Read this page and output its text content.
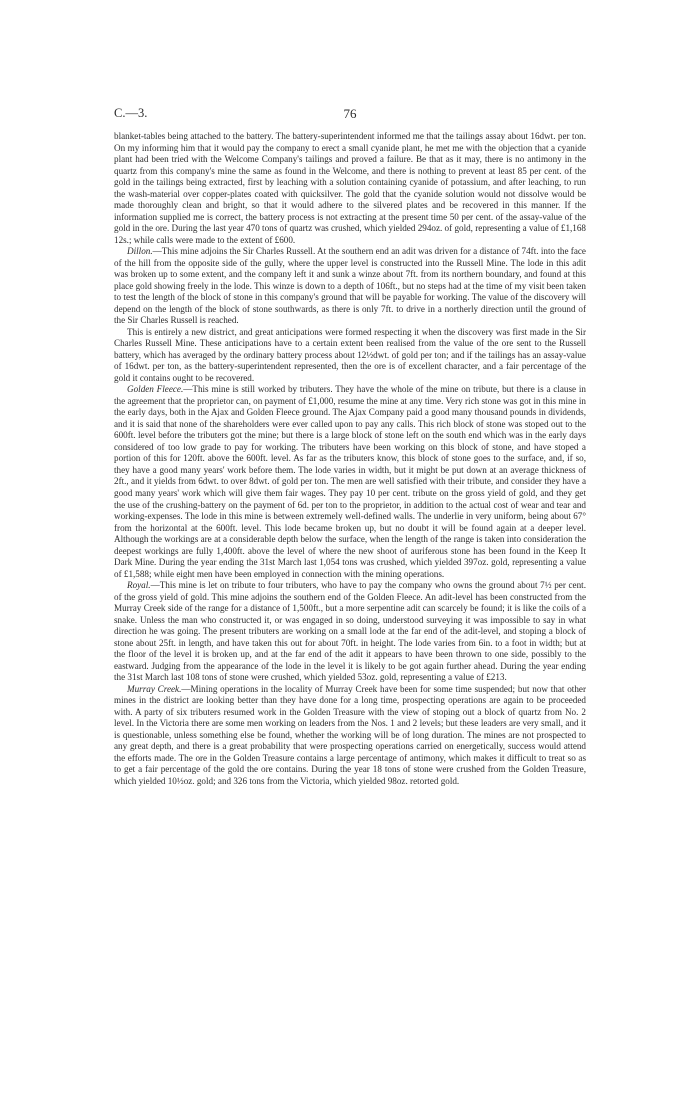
C.—3.	76

blanket-tables being attached to the battery. The battery-superintendent informed me that the tailings assay about 16dwt. per ton. On my informing him that it would pay the company to erect a small cyanide plant, he met me with the objection that a cyanide plant had been tried with the Welcome Company's tailings and proved a failure. Be that as it may, there is no antimony in the quartz from this company's mine the same as found in the Welcome, and there is nothing to prevent at least 85 per cent. of the gold in the tailings being extracted, first by leaching with a solution containing cyanide of potassium, and after leaching, to run the wash-material over copper-plates coated with quicksilver. The gold that the cyanide solution would not dissolve would be made thoroughly clean and bright, so that it would adhere to the silvered plates and be recovered in this manner. If the information supplied me is correct, the battery process is not extracting at the present time 50 per cent. of the assay-value of the gold in the ore. During the last year 470 tons of quartz was crushed, which yielded 294oz. of gold, representing a value of £1,168 12s.; while calls were made to the extent of £600.

Dillon.—This mine adjoins the Sir Charles Russell. At the southern end an adit was driven for a distance of 74ft. into the face of the hill from the opposite side of the gully, where the upper level is constructed into the Russell Mine. The lode in this adit was broken up to some extent, and the company left it and sunk a winze about 7ft. from its northern boundary, and found at this place gold showing freely in the lode. This winze is down to a depth of 106ft., but no steps had at the time of my visit been taken to test the length of the block of stone in this company's ground that will be payable for working. The value of the discovery will depend on the length of the block of stone southwards, as there is only 7ft. to drive in a northerly direction until the ground of the Sir Charles Russell is reached.

This is entirely a new district, and great anticipations were formed respecting it when the discovery was first made in the Sir Charles Russell Mine. These anticipations have to a certain extent been realised from the value of the ore sent to the Russell battery, which has averaged by the ordinary battery process about 12½dwt. of gold per ton; and if the tailings has an assay-value of 16dwt. per ton, as the battery-superintendent represented, then the ore is of excellent character, and a fair percentage of the gold it contains ought to be recovered.

Golden Fleece.—This mine is still worked by tributers. They have the whole of the mine on tribute, but there is a clause in the agreement that the proprietor can, on payment of £1,000, resume the mine at any time. Very rich stone was got in this mine in the early days, both in the Ajax and Golden Fleece ground. The Ajax Company paid a good many thousand pounds in dividends, and it is said that none of the shareholders were ever called upon to pay any calls. This rich block of stone was stoped out to the 600ft. level before the tributers got the mine; but there is a large block of stone left on the south end which was in the early days considered of too low grade to pay for working. The tributers have been working on this block of stone, and have stoped a portion of this for 120ft. above the 600ft. level. As far as the tributers know, this block of stone goes to the surface, and, if so, they have a good many years' work before them. The lode varies in width, but it might be put down at an average thickness of 2ft., and it yields from 6dwt. to over 8dwt. of gold per ton. The men are well satisfied with their tribute, and consider they have a good many years' work which will give them fair wages. They pay 10 per cent. tribute on the gross yield of gold, and they get the use of the crushing-battery on the payment of 6d. per ton to the proprietor, in addition to the actual cost of wear and tear and working-expenses. The lode in this mine is between extremely well-defined walls. The underlie in very uniform, being about 67° from the horizontal at the 600ft. level. This lode became broken up, but no doubt it will be found again at a deeper level. Although the workings are at a considerable depth below the surface, when the length of the range is taken into consideration the deepest workings are fully 1,400ft. above the level of where the new shoot of auriferous stone has been found in the Keep It Dark Mine. During the year ending the 31st March last 1,054 tons was crushed, which yielded 397oz. gold, representing a value of £1,588; while eight men have been employed in connection with the mining operations.

Royal.—This mine is let on tribute to four tributers, who have to pay the company who owns the ground about 7½ per cent. of the gross yield of gold. This mine adjoins the southern end of the Golden Fleece. An adit-level has been constructed from the Murray Creek side of the range for a distance of 1,500ft., but a more serpentine adit can scarcely be found; it is like the coils of a snake. Unless the man who constructed it, or was engaged in so doing, understood surveying it was impossible to say in what direction he was going. The present tributers are working on a small lode at the far end of the adit-level, and stoping a block of stone about 25ft. in length, and have taken this out for about 70ft. in height. The lode varies from 6in. to a foot in width; but at the floor of the level it is broken up, and at the far end of the adit it appears to have been thrown to one side, possibly to the eastward. Judging from the appearance of the lode in the level it is likely to be got again further ahead. During the year ending the 31st March last 108 tons of stone were crushed, which yielded 53oz. gold, representing a value of £213.

Murray Creek.—Mining operations in the locality of Murray Creek have been for some time suspended; but now that other mines in the district are looking better than they have done for a long time, prospecting operations are again to be proceeded with. A party of six tributers resumed work in the Golden Treasure with the view of stoping out a block of quartz from No. 2 level. In the Victoria there are some men working on leaders from the Nos. 1 and 2 levels; but these leaders are very small, and it is questionable, unless something else be found, whether the working will be of long duration. The mines are not prospected to any great depth, and there is a great probability that were prospecting operations carried on energetically, success would attend the efforts made. The ore in the Golden Treasure contains a large percentage of antimony, which makes it difficult to treat so as to get a fair percentage of the gold the ore contains. During the year 18 tons of stone were crushed from the Golden Treasure, which yielded 10½oz. gold; and 326 tons from the Victoria, which yielded 98oz. retorted gold.
